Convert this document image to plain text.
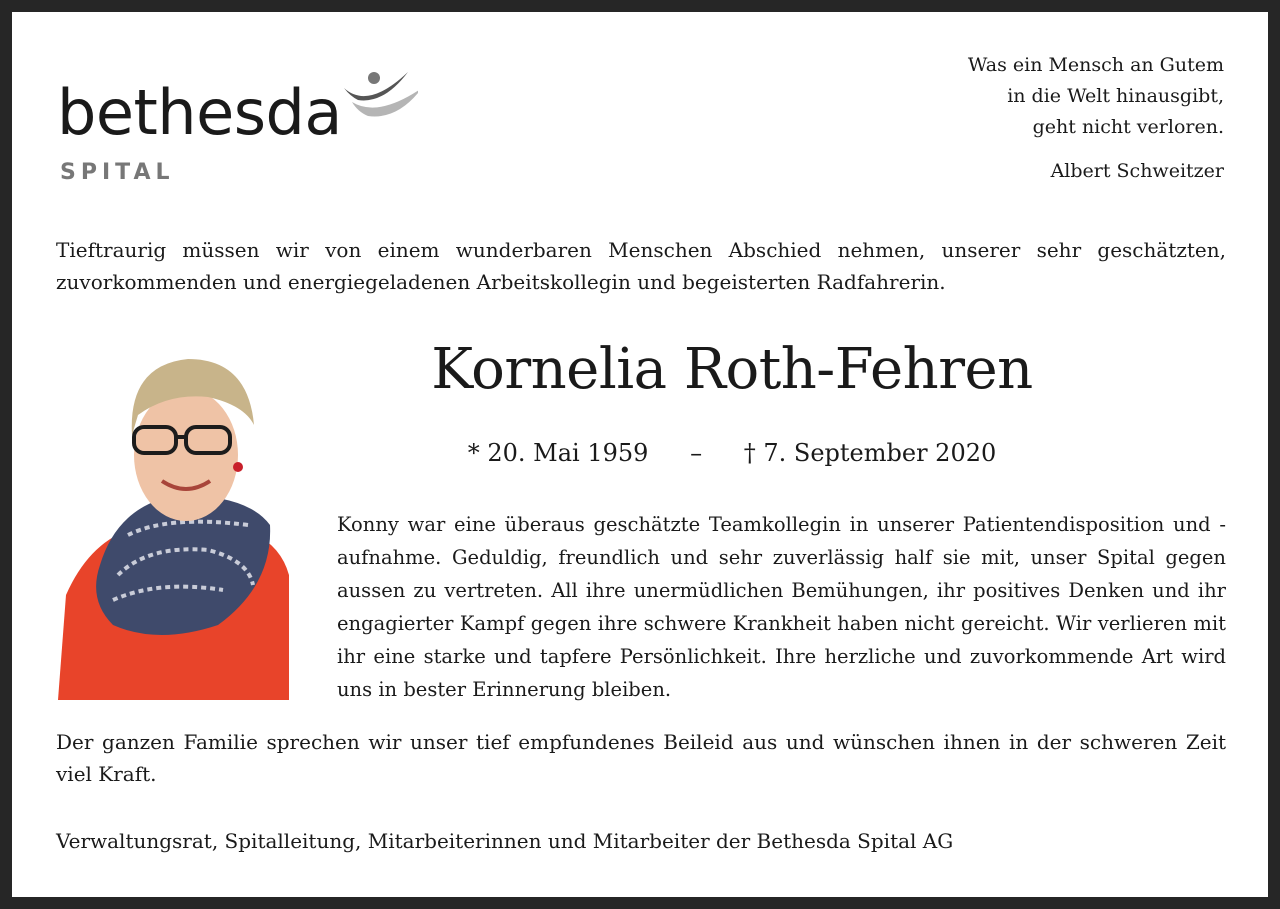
bethesda
SPITAL
Was ein Mensch an Gutem
in die Welt hinausgibt,
geht nicht verloren.
Albert Schweitzer
Tieftraurig müssen wir von einem wunderbaren Menschen Abschied nehmen, unserer sehr geschätzten, zuvorkommenden und energiegeladenen Arbeitskollegin und begeisterten Radfahrerin.
Kornelia Roth-Fehren
* 20. Mai 1959 – † 7. September 2020
Konny war eine überaus geschätzte Teamkollegin in unserer Patientendisposition und -aufnahme. Geduldig, freundlich und sehr zuverlässig half sie mit, unser Spital gegen aussen zu vertreten. All ihre unermüdlichen Bemühungen, ihr positives Denken und ihr engagierter Kampf gegen ihre schwere Krankheit haben nicht gereicht. Wir verlieren mit ihr eine starke und tapfere Persönlichkeit. Ihre herzliche und zuvorkommende Art wird uns in bester Erinnerung bleiben.
Der ganzen Familie sprechen wir unser tief empfundenes Beileid aus und wünschen ihnen in der schweren Zeit viel Kraft.
Verwaltungsrat, Spitalleitung, Mitarbeiterinnen und Mitarbeiter der Bethesda Spital AG
